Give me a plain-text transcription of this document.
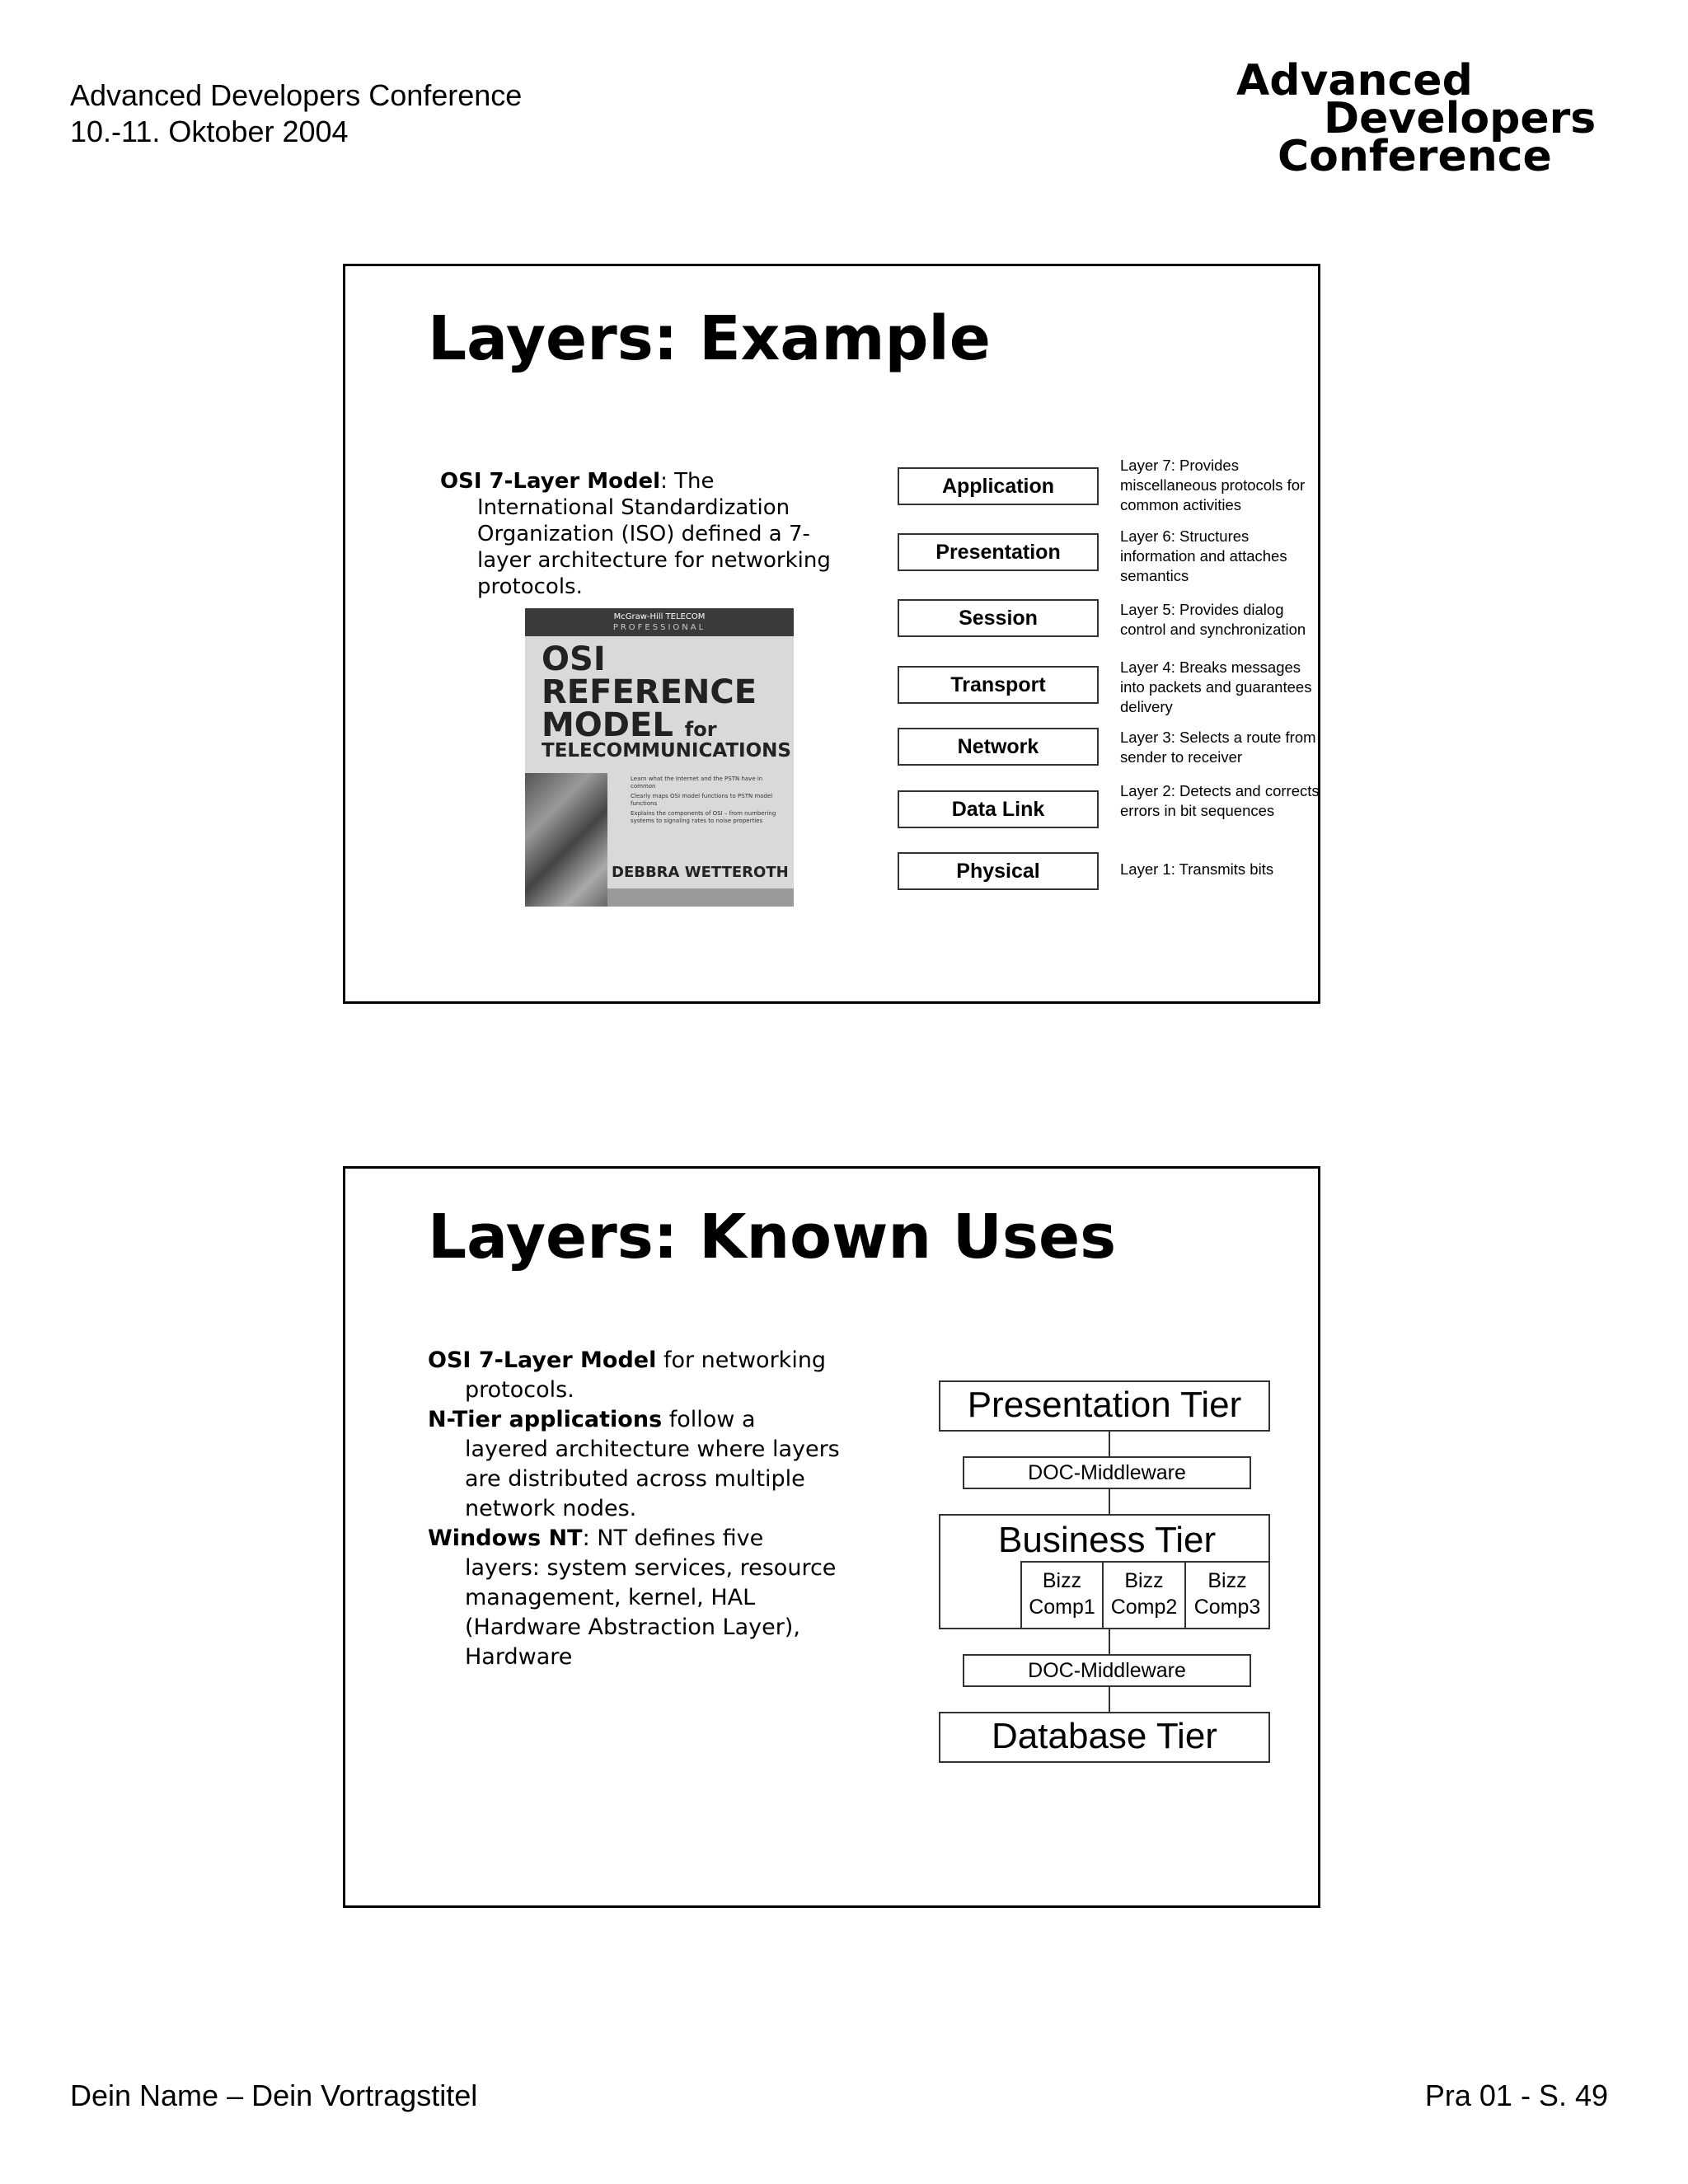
Advanced Developers Conference
10.-11. Oktober 2004
Advanced
Developers
Conference
Layers: Example

OSI 7-Layer Model: The International Standardization Organization (ISO) defined a 7-layer architecture for networking protocols.

McGraw-Hill TELECOM
PROFESSIONAL
OSI
REFERENCE
MODEL for
TELECOMMUNICATIONS
Learn what the Internet and the PSTN have in common
Clearly maps OSI model functions to PSTN model functions
Explains the components of OSI – from numbering systems to signaling rates to noise properties
DEBBRA WETTEROTH
Application
Presentation
Session
Transport
Network
Data Link
Physical
Layer 7: Provides miscellaneous protocols for common activities
Layer 6: Structures information and attaches semantics
Layer 5: Provides dialog control and synchronization
Layer 4: Breaks messages into packets and guarantees delivery
Layer 3: Selects a route from sender to receiver
Layer 2: Detects and corrects errors in bit sequences
Layer 1: Transmits bits
Layers: Known Uses

OSI 7-Layer Model for networking protocols.

N-Tier applications follow a layered architecture where layers are distributed across multiple network nodes.

Windows NT: NT defines five layers: system services, resource management, kernel, HAL (Hardware Abstraction Layer), Hardware

Presentation Tier
DOC-Middleware
Business Tier
Bizz
Comp1
Bizz
Comp2
Bizz
Comp3
DOC-Middleware
Database Tier
Dein Name – Dein Vortragstitel	Pra 01 - S. 49
